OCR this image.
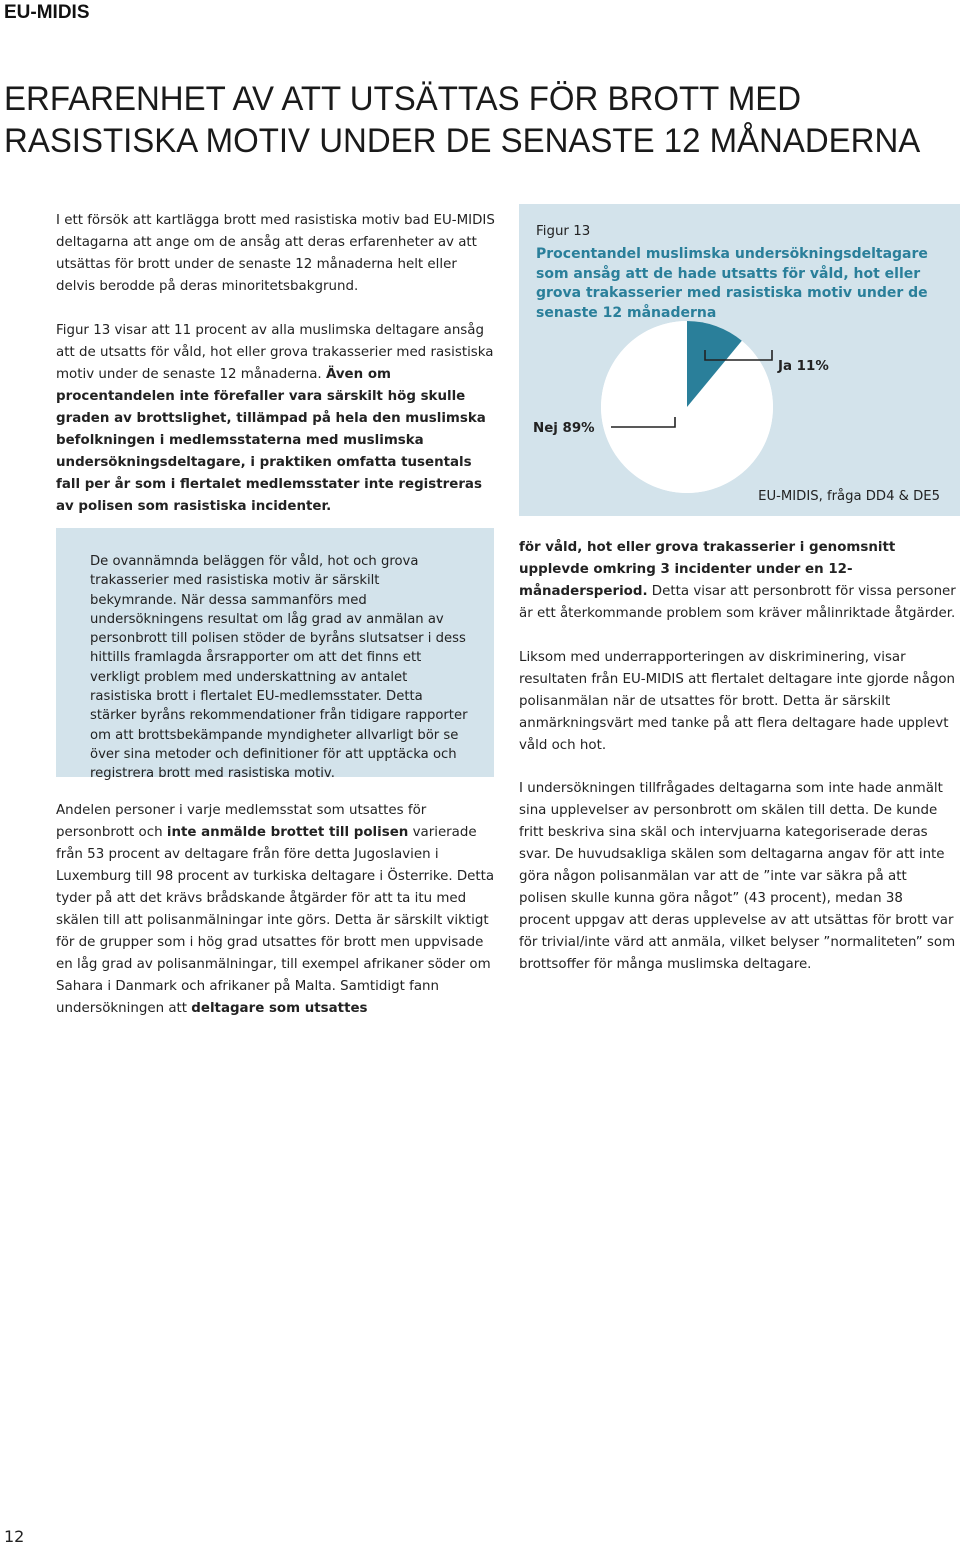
EU-MIDIS
ERFARENHET AV ATT UTSÄTTAS FÖR BROTT MED RASISTISKA MOTIV UNDER DE SENASTE 12 MÅNADERNA

I ett försök att kartlägga brott med rasistiska motiv bad EU-MIDIS deltagarna att ange om de ansåg att deras erfarenheter av att utsättas för brott under de senaste 12 månaderna helt eller delvis berodde på deras minoritetsbakgrund.

Figur 13 visar att 11 procent av alla muslimska deltagare ansåg att de utsatts för våld, hot eller grova trakasserier med rasistiska motiv under de senaste 12 månaderna. Även om procentandelen inte förefaller vara särskilt hög skulle graden av brottslighet, tillämpad på hela den muslimska befolkningen i medlemsstaterna med muslimska undersökningsdeltagare, i praktiken omfatta tusentals fall per år som i flertalet medlemsstater inte registreras av polisen som rasistiska incidenter.

De ovannämnda beläggen för våld, hot och grova trakasserier med rasistiska motiv är särskilt bekymrande. När dessa sammanförs med undersökningens resultat om låg grad av anmälan av personbrott till polisen stöder de byråns slutsatser i dess hittills framlagda årsrapporter om att det finns ett verkligt problem med underskattning av antalet rasistiska brott i flertalet EU-medlemsstater. Detta stärker byråns rekommendationer från tidigare rapporter om att brottsbekämpande myndigheter allvarligt bör se över sina metoder och definitioner för att upptäcka och registrera brott med rasistiska motiv.

Andelen personer i varje medlemsstat som utsattes för personbrott och inte anmälde brottet till polisen varierade från 53 procent av deltagare från före detta Jugoslavien i Luxemburg till 98 procent av turkiska deltagare i Österrike. Detta tyder på att det krävs brådskande åtgärder för att ta itu med skälen till att polisanmälningar inte görs. Detta är särskilt viktigt för de grupper som i hög grad utsattes för brott men uppvisade en låg grad av polisanmälningar, till exempel afrikaner söder om Sahara i Danmark och afrikaner på Malta. Samtidigt fann undersökningen att deltagare som utsattes

Figur 13
Procentandel muslimska undersökningsdeltagare som ansåg att de hade utsatts för våld, hot eller grova trakasserier med rasistiska motiv under de senaste 12 månaderna
Ja 11%
Nej 89%
EU-MIDIS, fråga DD4 & DE5

för våld, hot eller grova trakasserier i genomsnitt upplevde omkring 3 incidenter under en 12-månadersperiod. Detta visar att personbrott för vissa personer är ett återkommande problem som kräver målinriktade åtgärder.

Liksom med underrapporteringen av diskriminering, visar resultaten från EU-MIDIS att flertalet deltagare inte gjorde någon polisanmälan när de utsattes för brott. Detta är särskilt anmärkningsvärt med tanke på att flera deltagare hade upplevt våld och hot.

I undersökningen tillfrågades deltagarna som inte hade anmält sina upplevelser av personbrott om skälen till detta. De kunde fritt beskriva sina skäl och intervjuarna kategoriserade deras svar. De huvudsakliga skälen som deltagarna angav för att inte göra någon polisanmälan var att de ”inte var säkra på att polisen skulle kunna göra något” (43 procent), medan 38 procent uppgav att deras upplevelse av att utsättas för brott var för trivial/inte värd att anmäla, vilket belyser ”normaliteten” som brottsoffer för många muslimska deltagare.

12
